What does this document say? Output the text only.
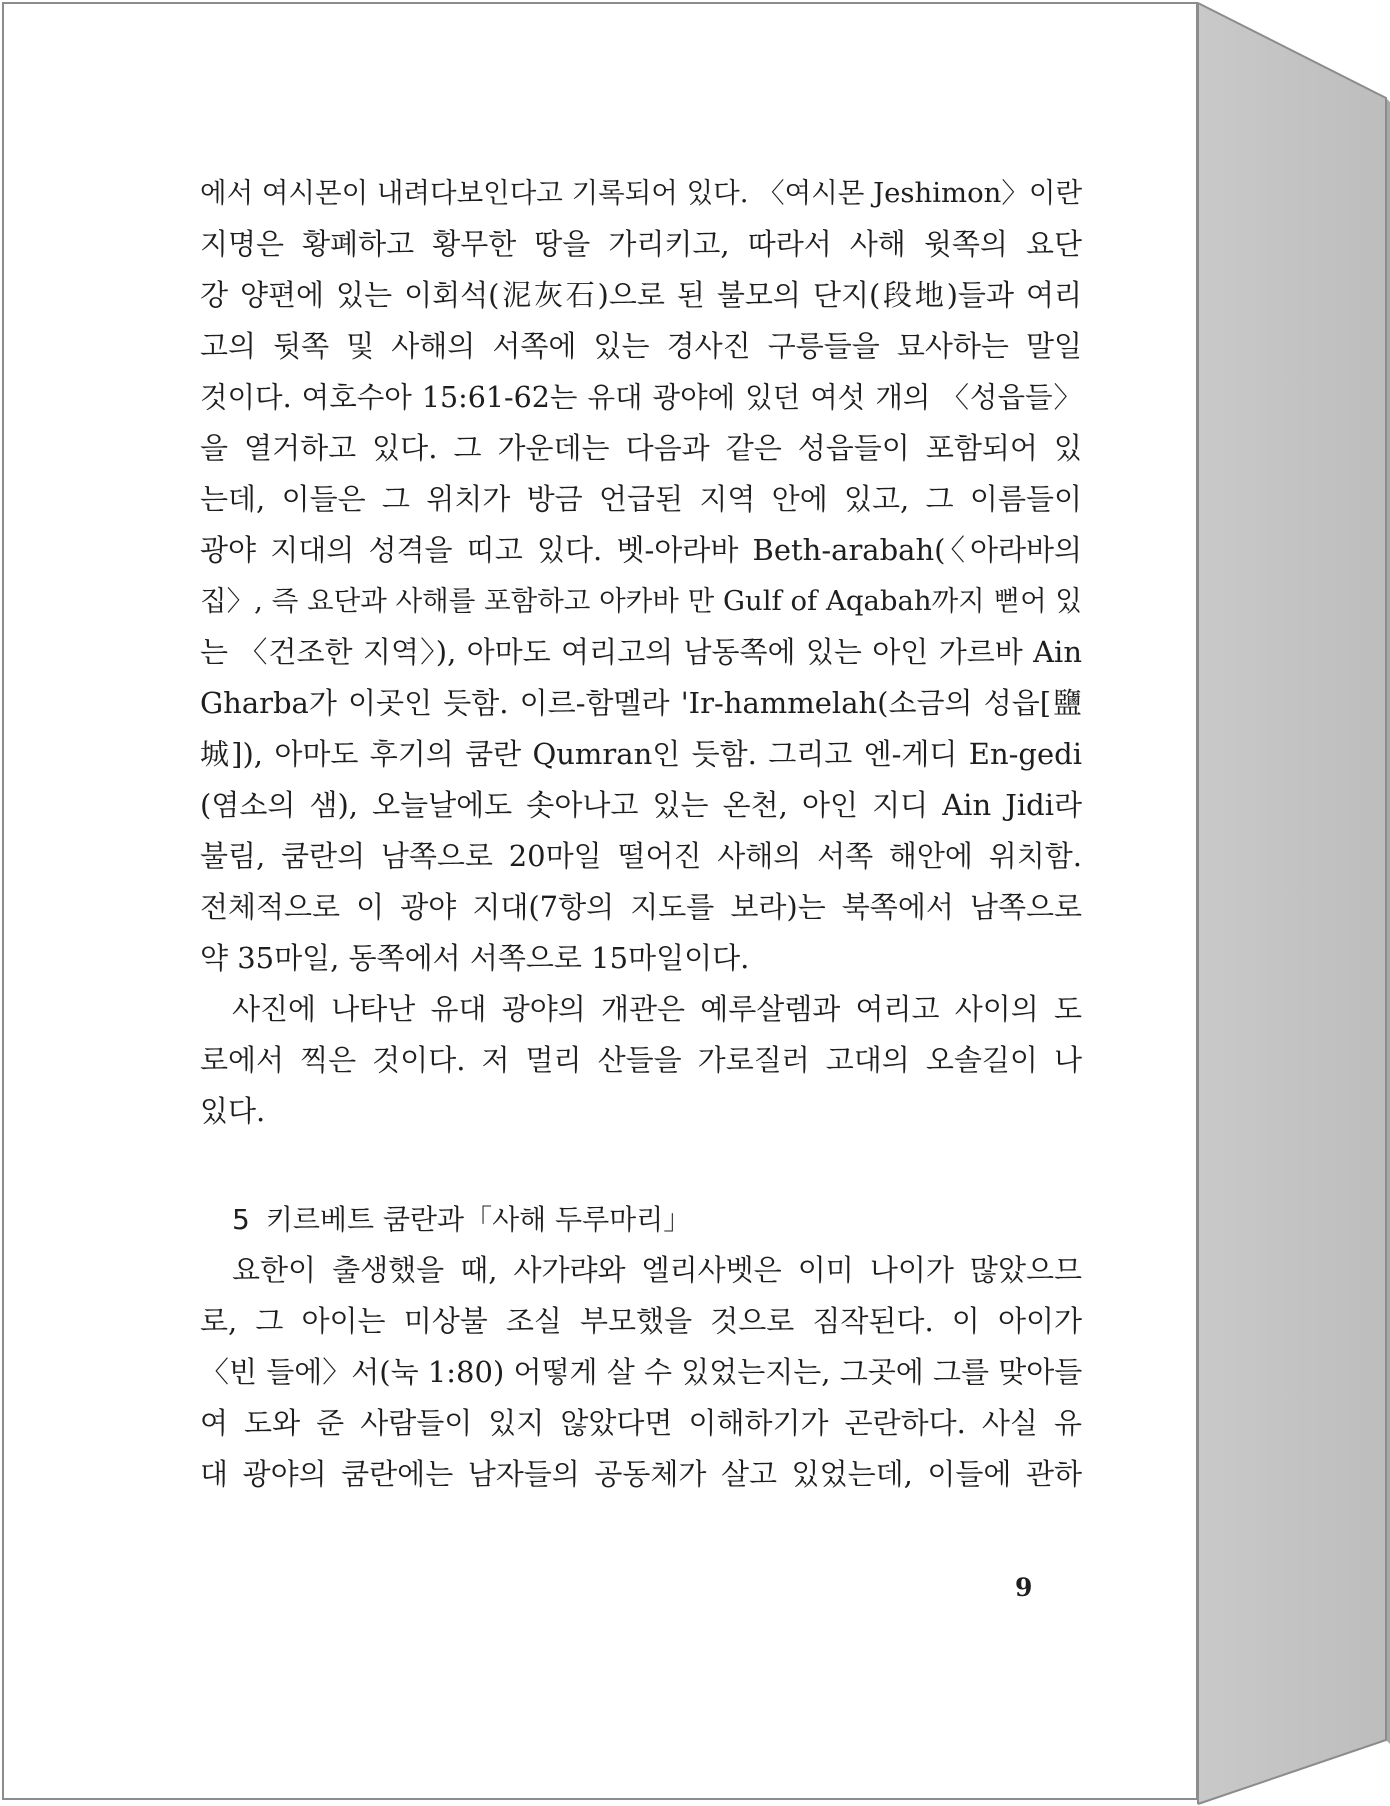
에서 여시몬이 내려다보인다고 기록되어 있다. 〈여시몬 Jeshimon〉이란
지명은 황폐하고 황무한 땅을 가리키고, 따라서 사해 윗쪽의 요단
강 양편에 있는 이회석(泥灰石)으로 된 불모의 단지(段地)들과 여리
고의 뒷쪽 및 사해의 서쪽에 있는 경사진 구릉들을 묘사하는 말일
것이다. 여호수아 15:61-62는 유대 광야에 있던 여섯 개의 〈성읍들〉
을 열거하고 있다. 그 가운데는 다음과 같은 성읍들이 포함되어 있
는데, 이들은 그 위치가 방금 언급된 지역 안에 있고, 그 이름들이
광야 지대의 성격을 띠고 있다. 벳-아라바 Beth-arabah(〈아라바의
집〉, 즉 요단과 사해를 포함하고 아카바 만 Gulf of Aqabah까지 뻗어 있
는 〈건조한 지역〉), 아마도 여리고의 남동쪽에 있는 아인 가르바 Ain
Gharba가 이곳인 듯함. 이르-함멜라 'Ir-hammelah(소금의 성읍[鹽
城]), 아마도 후기의 쿰란 Qumran인 듯함. 그리고 엔-게디 En-gedi
(염소의 샘), 오늘날에도 솟아나고 있는 온천, 아인 지디 Ain Jidi라
불림, 쿰란의 남쪽으로 20마일 떨어진 사해의 서쪽 해안에 위치함.
전체적으로 이 광야 지대(7항의 지도를 보라)는 북쪽에서 남쪽으로
약 35마일, 동쪽에서 서쪽으로 15마일이다.
사진에 나타난 유대 광야의 개관은 예루살렘과 여리고 사이의 도
로에서 찍은 것이다. 저 멀리 산들을 가로질러 고대의 오솔길이 나
있다.
5 키르베트 쿰란과「사해 두루마리」
요한이 출생했을 때, 사가랴와 엘리사벳은 이미 나이가 많았으므
로, 그 아이는 미상불 조실 부모했을 것으로 짐작된다. 이 아이가
〈빈 들에〉서(눅 1:80) 어떻게 살 수 있었는지는, 그곳에 그를 맞아들
여 도와 준 사람들이 있지 않았다면 이해하기가 곤란하다. 사실 유
대 광야의 쿰란에는 남자들의 공동체가 살고 있었는데, 이들에 관하
9
